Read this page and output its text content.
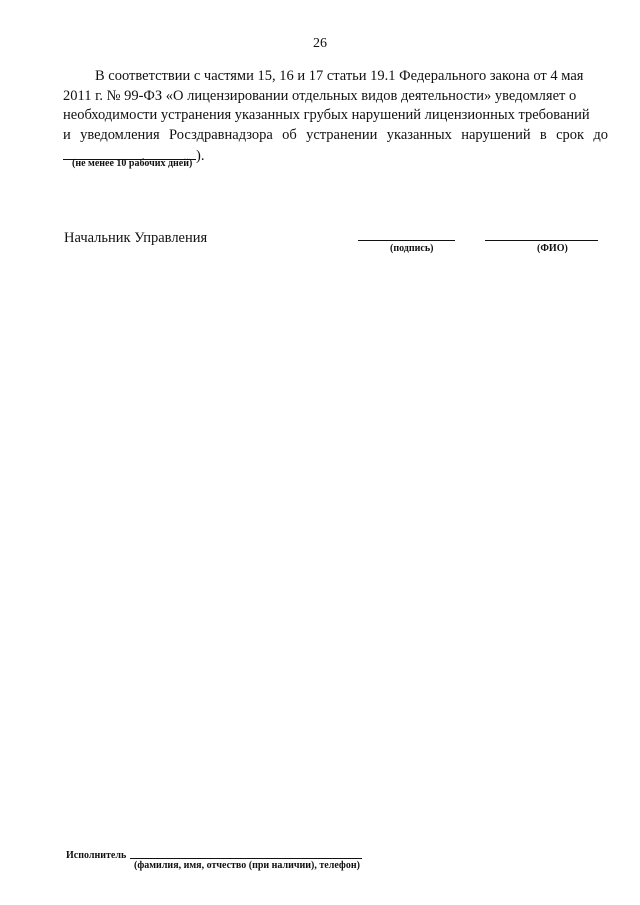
26
В соответствии с частями 15, 16 и 17 статьи 19.1 Федерального закона от 4 мая
2011 г. № 99-ФЗ «О лицензировании отдельных видов деятельности» уведомляет о
необходимости устранения указанных грубых нарушений лицензионных требований
и уведомления Росздравнадзора об устранении указанных нарушений в срок до
).
(не менее 10 рабочих дней)
Начальник Управления
(подпись)	(ФИО)
Исполнитель
(фамилия, имя, отчество (при наличии), телефон)
